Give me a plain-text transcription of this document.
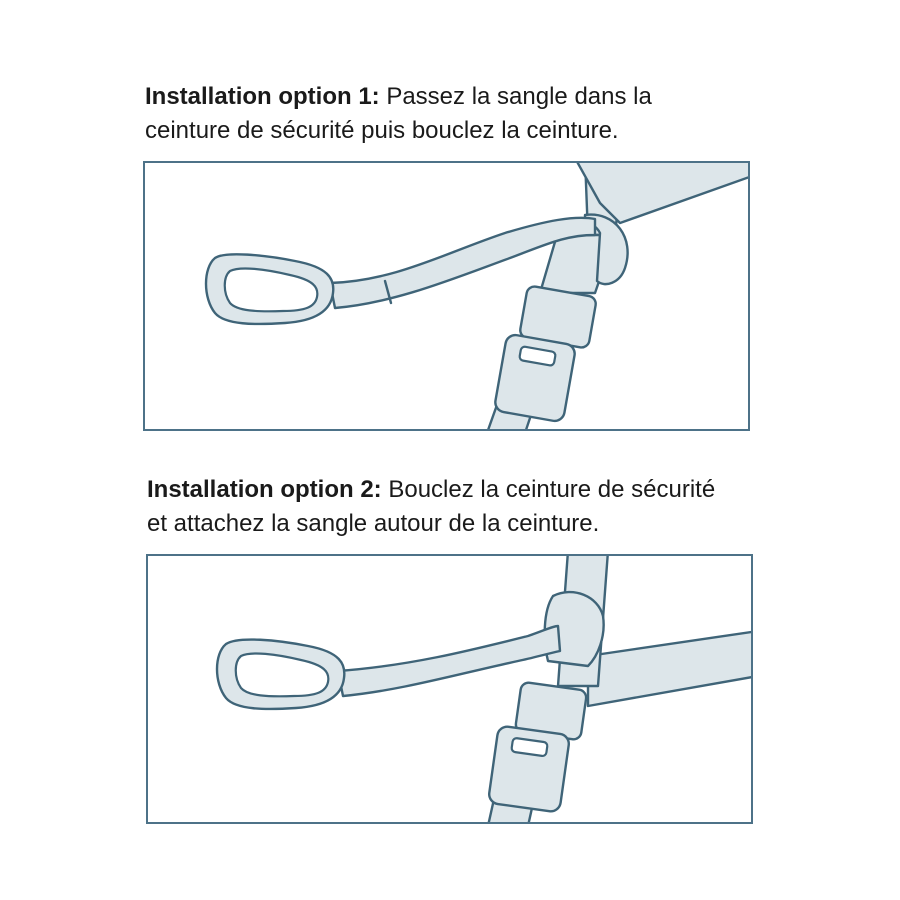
Installation option 1: Passez la sangle dans la
ceinture de sécurité puis bouclez la ceinture.
Installation option 2: Bouclez la ceinture de sécurité
et attachez la sangle autour de la ceinture.
